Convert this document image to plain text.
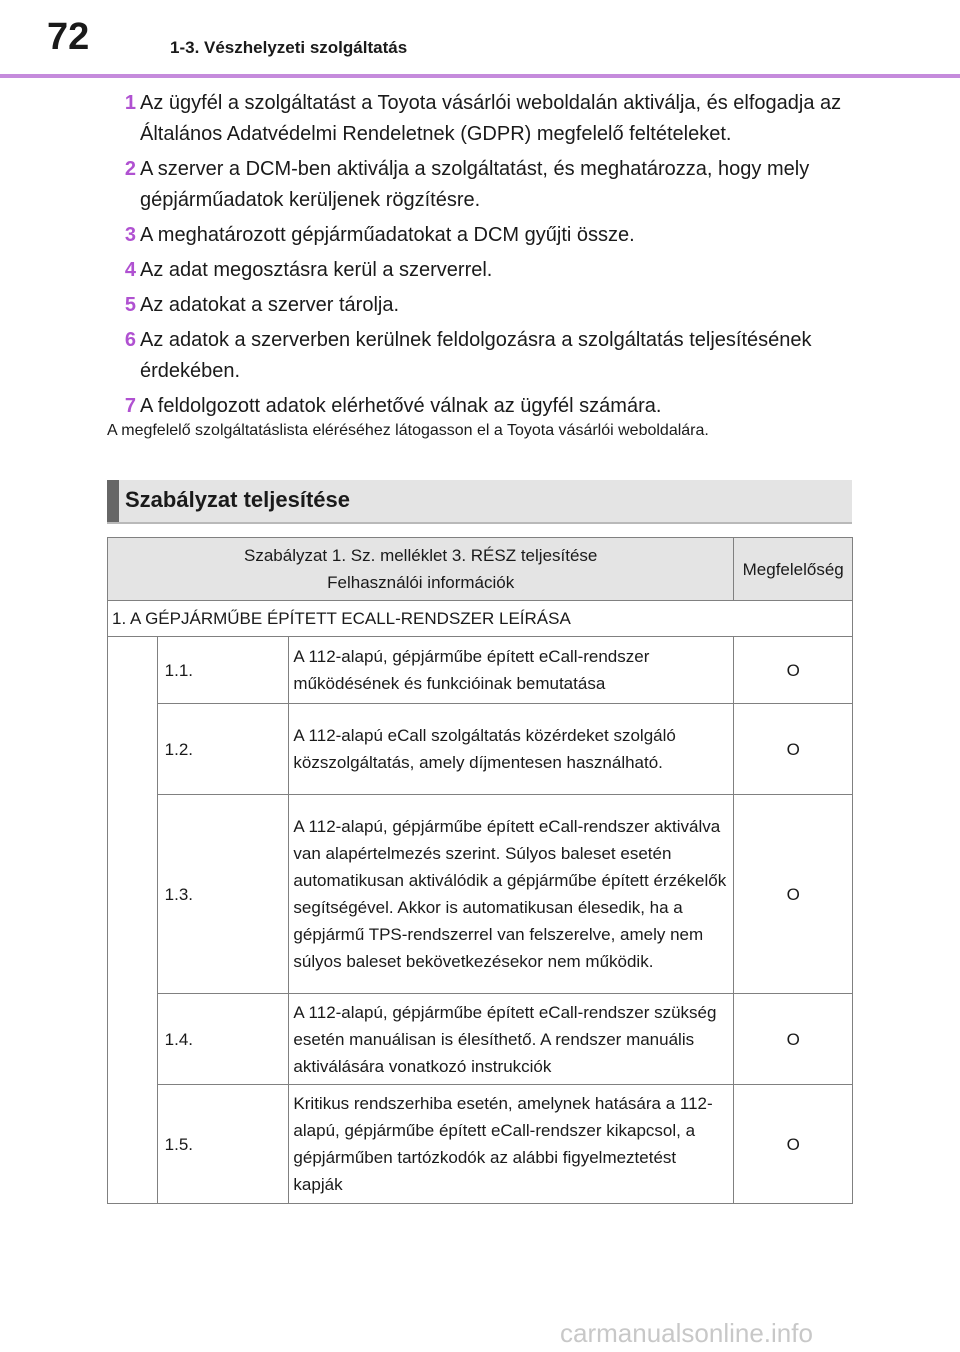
72	1-3. Vészhelyzeti szolgáltatás
1 Az ügyfél a szolgáltatást a Toyota vásárlói weboldalán aktiválja, és elfogadja az Általános Adatvédelmi Rendeletnek (GDPR) megfelelő feltételeket.
2 A szerver a DCM-ben aktiválja a szolgáltatást, és meghatározza, hogy mely gépjárműadatok kerüljenek rögzítésre.
3 A meghatározott gépjárműadatokat a DCM gyűjti össze.
4 Az adat megosztásra kerül a szerverrel.
5 Az adatokat a szerver tárolja.
6 Az adatok a szerverben kerülnek feldolgozásra a szolgáltatás teljesítésének érdekében.
7 A feldolgozott adatok elérhetővé válnak az ügyfél számára.
A megfelelő szolgáltatáslista eléréséhez látogasson el a Toyota vásárlói weboldalára.
Szabályzat teljesítése
Szabályzat 1. Sz. melléklet 3. RÉSZ teljesítése
Felhasználói információk			Megfelelőség
1. A GÉPJÁRMŰBE ÉPÍTETT ECALL-RENDSZER LEÍRÁSA			
	1.1.	A 112-alapú, gépjárműbe épített eCall-rendszer működésének és funkcióinak bemutatása	O
	1.2.	A 112-alapú eCall szolgáltatás közérdeket szolgáló közszolgáltatás, amely díjmentesen használható.	O
	1.3.	A 112-alapú, gépjárműbe épített eCall-rendszer aktiválva van alapértelmezés szerint. Súlyos baleset esetén automatikusan aktiválódik a gépjárműbe épített érzékelők segítségével. Akkor is automatikusan élesedik, ha a gépjármű TPS-rendszerrel van felszerelve, amely nem súlyos baleset bekövetkezésekor nem működik.	O
	1.4.	A 112-alapú, gépjárműbe épített eCall-rendszer szükség esetén manuálisan is élesíthető. A rendszer manuális aktiválására vonatkozó instrukciók	O
	1.5.	Kritikus rendszerhiba esetén, amelynek hatására a 112-alapú, gépjárműbe épített eCall-rendszer kikapcsol, a gépjárműben tartózkodók az alábbi figyelmeztetést kapják	O
carmanualsonline.info
